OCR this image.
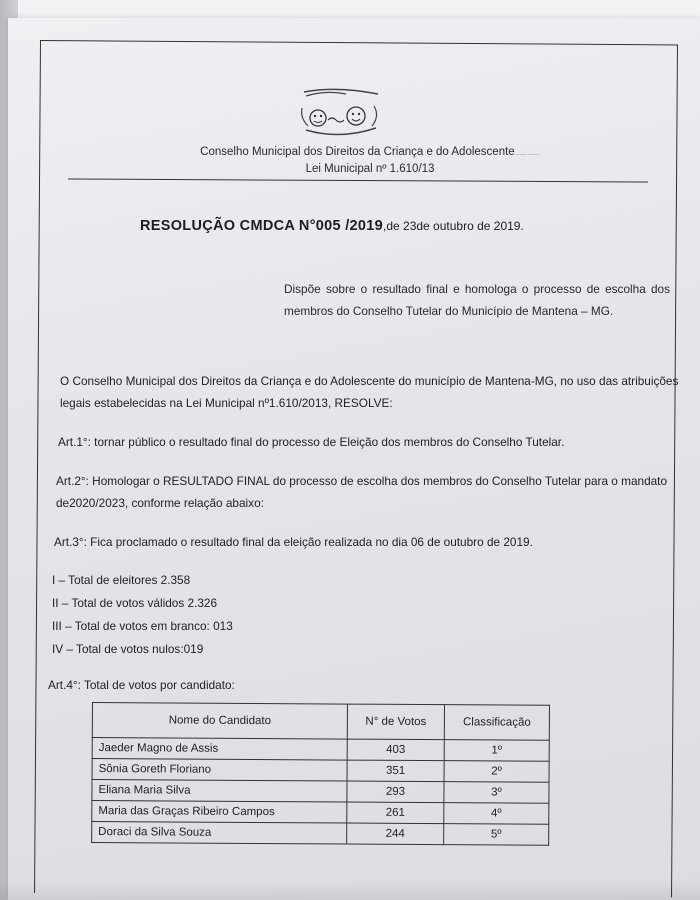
Conselho Municipal dos Direitos da Criança e do Adolescente——— ———
Lei Municipal nº 1.610/13
RESOLUÇÃO CMDCA N°005 /2019,de 23de outubro de 2019.
Dispõe sobre o resultado final e homologa o processo de escolha dos membros do Conselho Tutelar do Município de Mantena – MG.
O Conselho Municipal dos Direitos da Criança e do Adolescente do município de Mantena-MG, no uso das atribuições legais estabelecidas na Lei Municipal nº1.610/2013, RESOLVE:
Art.1°: tornar público o resultado final do processo de Eleição dos membros do Conselho Tutelar.
Art.2°: Homologar o RESULTADO FINAL do processo de escolha dos membros do Conselho Tutelar para o mandato de2020/2023, conforme relação abaixo:
Art.3°: Fica proclamado o resultado final da eleição realizada no dia 06 de outubro de 2019.
I – Total de eleitores 2.358
II – Total de votos válidos 2.326
III – Total de votos em branco: 013
IV – Total de votos nulos:019
Art.4°: Total de votos por candidato:
Nome do Candidato	N° de Votos	Classificação
Jaeder Magno de Assis	403	1º
Sônia Goreth Floriano	351	2º
Eliana Maria Silva	293	3º
Maria das Graças Ribeiro Campos	261	4º
Doraci da Silva Souza	244	5º
